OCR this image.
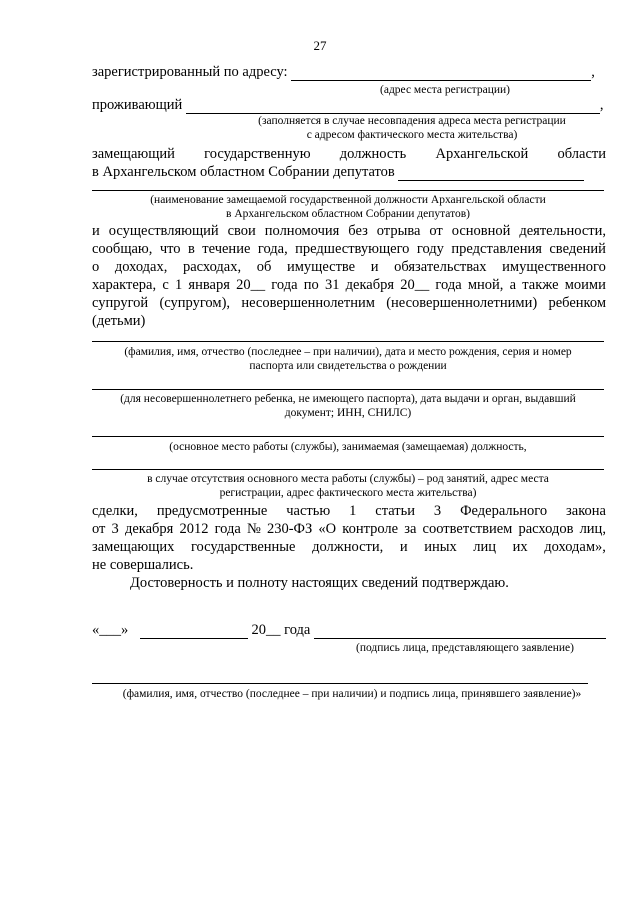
27
зарегистрированный по адресу:	,
(адрес места регистрации)
проживающий	,
(заполняется в случае несовпадения адреса места регистрации
с адресом фактического места жительства)
замещающий государственную должность Архангельской области
в Архангельском областном Собрании депутатов
(наименование замещаемой государственной должности Архангельской области
в Архангельском областном Собрании депутатов)
и осуществляющий свои полномочия без отрыва от основной деятельности,
сообщаю, что в течение года, предшествующего году представления сведений
о доходах, расходах, об имуществе и обязательствах имущественного
характера, с 1 января 20__ года по 31 декабря 20__ года мной, а также моими
супругой (супругом), несовершеннолетним (несовершеннолетними) ребенком
(детьми)
(фамилия, имя, отчество (последнее – при наличии), дата и место рождения, серия и номер
паспорта или свидетельства о рождении
(для несовершеннолетнего ребенка, не имеющего паспорта), дата выдачи и орган, выдавший
документ; ИНН, СНИЛС)
(основное место работы (службы), занимаемая (замещаемая) должность,
в случае отсутствия основного места работы (службы) – род занятий, адрес места
регистрации, адрес фактического места жительства)
сделки, предусмотренные частью 1 статьи 3 Федерального закона
от 3 декабря 2012 года № 230-ФЗ «О контроле за соответствием расходов лиц,
замещающих государственные должности, и иных лиц их доходам»,
не совершались.
Достоверность и полноту настоящих сведений подтверждаю.
«___»	20__ года
(подпись лица, представляющего заявление)
(фамилия, имя, отчество (последнее – при наличии) и подпись лица, принявшего заявление)»
